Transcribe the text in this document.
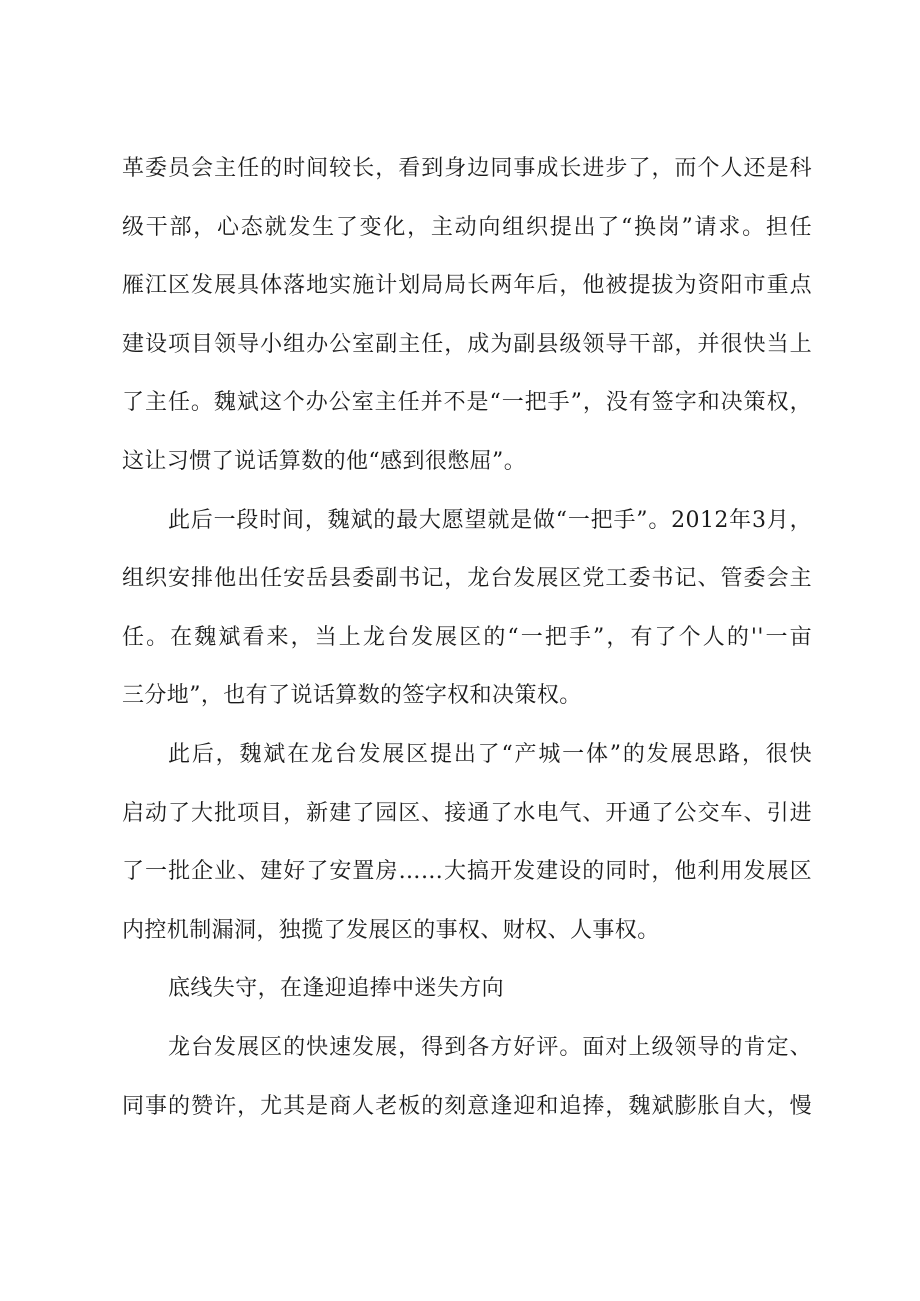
革委员会主任的时间较长，看到身边同事成长进步了，而个人还是科
级干部，心态就发生了变化，主动向组织提出了“换岗”请求。担任
雁江区发展具体落地实施计划局局长两年后，他被提拔为资阳市重点
建设项目领导小组办公室副主任，成为副县级领导干部，并很快当上
了主任。魏斌这个办公室主任并不是“一把手”，没有签字和决策权，
这让习惯了说话算数的他“感到很憋屈”。
此后一段时间，魏斌的最大愿望就是做“一把手”。2012年3月，
组织安排他出任安岳县委副书记，龙台发展区党工委书记、管委会主
任。在魏斌看来，当上龙台发展区的“一把手”，有了个人的''一亩
三分地”，也有了说话算数的签字权和决策权。
此后，魏斌在龙台发展区提出了“产城一体”的发展思路，很快
启动了大批项目，新建了园区、接通了水电气、开通了公交车、引进
了一批企业、建好了安置房……大搞开发建设的同时，他利用发展区
内控机制漏洞，独揽了发展区的事权、财权、人事权。
底线失守，在逢迎追捧中迷失方向
龙台发展区的快速发展，得到各方好评。面对上级领导的肯定、
同事的赞许，尤其是商人老板的刻意逢迎和追捧，魏斌膨胀自大，慢
